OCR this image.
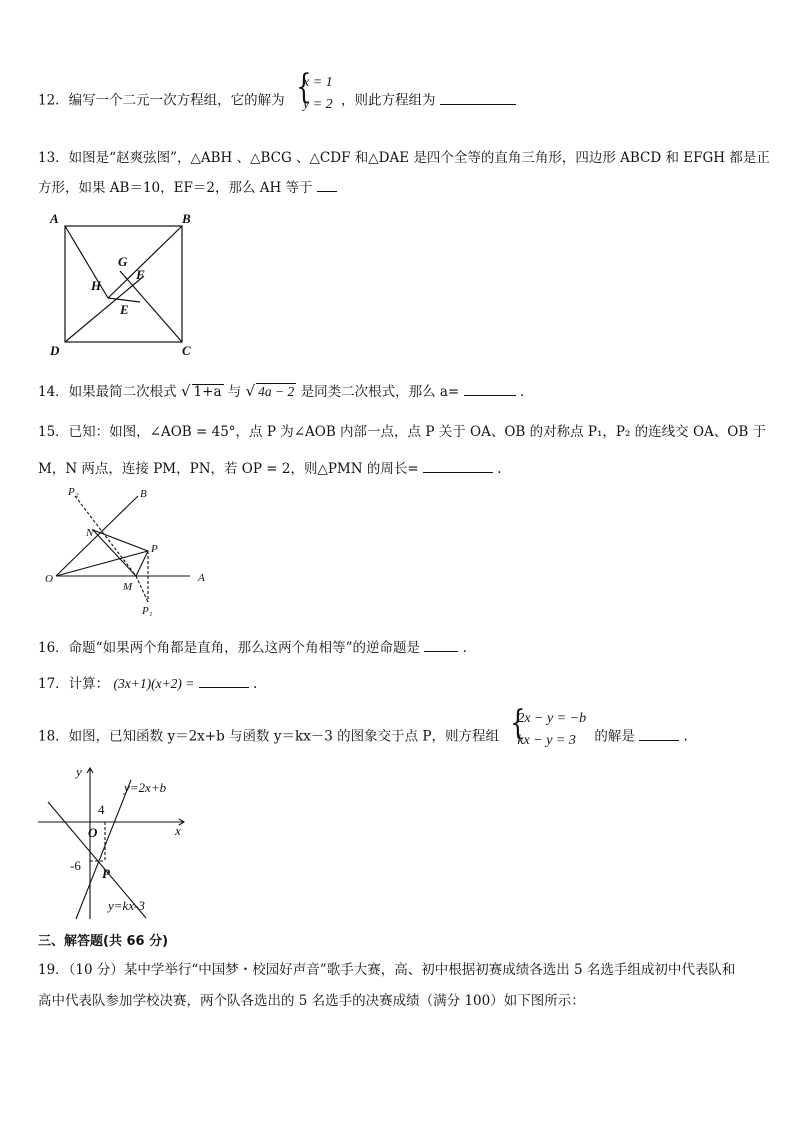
12．编写一个二元一次方程组，它的解为 {
x = 1
y = 2 ，则此方程组为
13．如图是“赵爽弦图”，△ABH 、△BCG 、△CDF 和△DAE 是四个全等的直角三角形，四边形 ABCD 和 EFGH 都是正
方形，如果 AB＝10，EF＝2，那么 AH 等于
A	B
C
D
E
F
G
H
14．如果最简二次根式 √ 1+a 与 √ 4a − 2 是同类二次根式，那么 a=	.
15．已知：如图，∠AOB = 45°，点 P 为∠AOB 内部一点，点 P 关于 OA、OB 的对称点 P₁，P₂ 的连线交 OA、OB 于
M，N 两点，连接 PM，PN，若 OP = 2，则△PMN 的周长=	.
P₂	B
N
P
O
M
A
P₁
16．命题“如果两个角都是直角，那么这两个角相等”的逆命题是	.
17．计算： (3x+1)(x+2) =	.
18．如图，已知函数 y＝2x+b 与函数 y＝kx－3 的图象交于点 P，则方程组 {
2x − y = −b
kx − y = 3	的解是	.
y
x
y=2x+b
y=kx-3
4
O
-6
P
三、解答题(共 66 分)
19．（10 分）某中学举行“中国梦・校园好声音”歌手大赛，高、初中根据初赛成绩各选出 5 名选手组成初中代表队和
高中代表队参加学校决赛，两个队各选出的 5 名选手的决赛成绩（满分 100）如下图所示：
